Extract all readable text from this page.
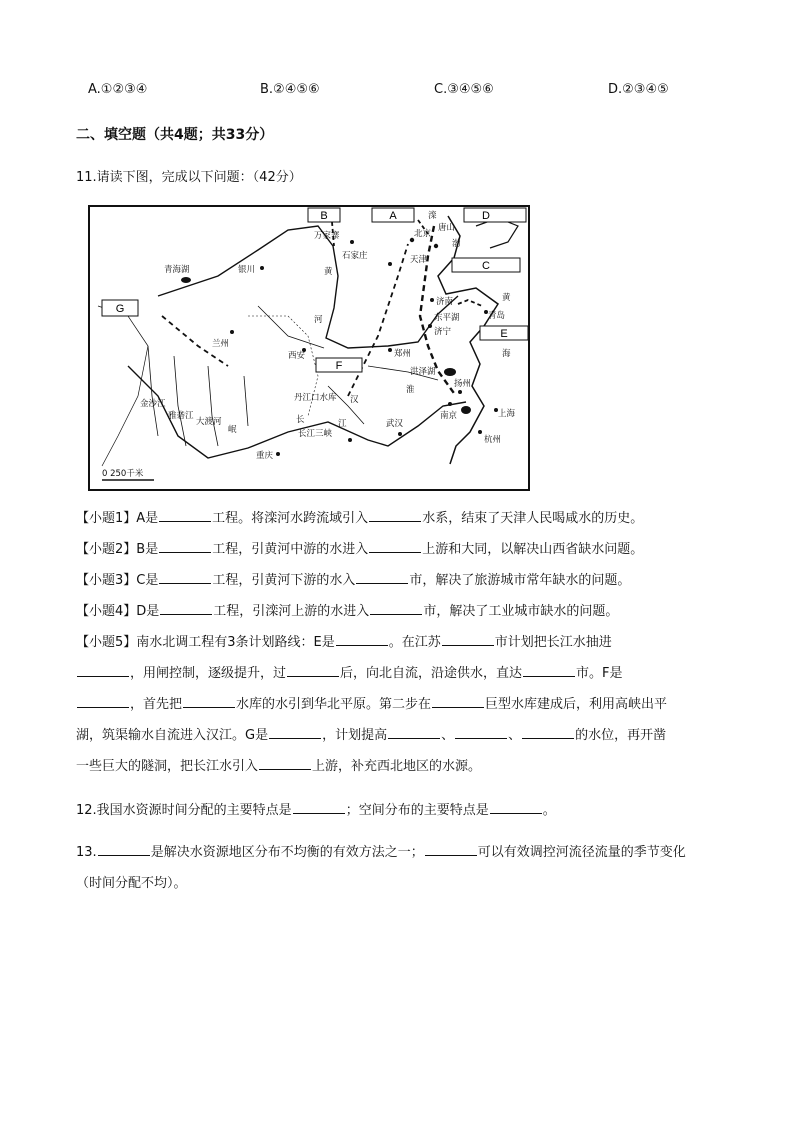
A.①②③④	B.②④⑤⑥	C.③④⑤⑥	D.②③④⑤
二、填空题（共4题；共33分）
11.请读下图，完成以下问题：（42分）
B	A	D
C
E
F
G
万家寨	北京
天津
石家庄
银川
兰州
西安	郑州
济南
济宁
东平湖	青岛
扬州
南京	上海
杭州
武汉
重庆
长江三峡
丹江口水库
洪泽湖
黄
河
长	江
金沙江
雅砻江
大渡河
岷
汉
淮
海
黄
渤
唐山
滦
青海湖
0 250千米
【小题1】A是	工程。将滦河水跨流域引入	水系，结束了天津人民喝咸水的历史。
【小题2】B是	工程，引黄河中游的水进入	上游和大同，以解决山西省缺水问题。
【小题3】C是	工程，引黄河下游的水入	市，解决了旅游城市常年缺水的问题。
【小题4】D是	工程，引滦河上游的水进入	市，解决了工业城市缺水的问题。
【小题5】南水北调工程有3条计划路线：E是	。在江苏	市计划把长江水抽进
，用闸控制，逐级提升，过	后，向北自流，沿途供水，直达	市。F是
，首先把	水库的水引到华北平原。第二步在	巨型水库建成后，利用高峡出平
湖，筑渠输水自流进入汉江。G是	，计划提高	、	、	的水位，再开凿
一些巨大的隧洞，把长江水引入	上游，补充西北地区的水源。
12.我国水资源时间分配的主要特点是	；空间分布的主要特点是	。
13.	是解决水资源地区分布不均衡的有效方法之一；	可以有效调控河流径流量的季节变化
（时间分配不均）。
